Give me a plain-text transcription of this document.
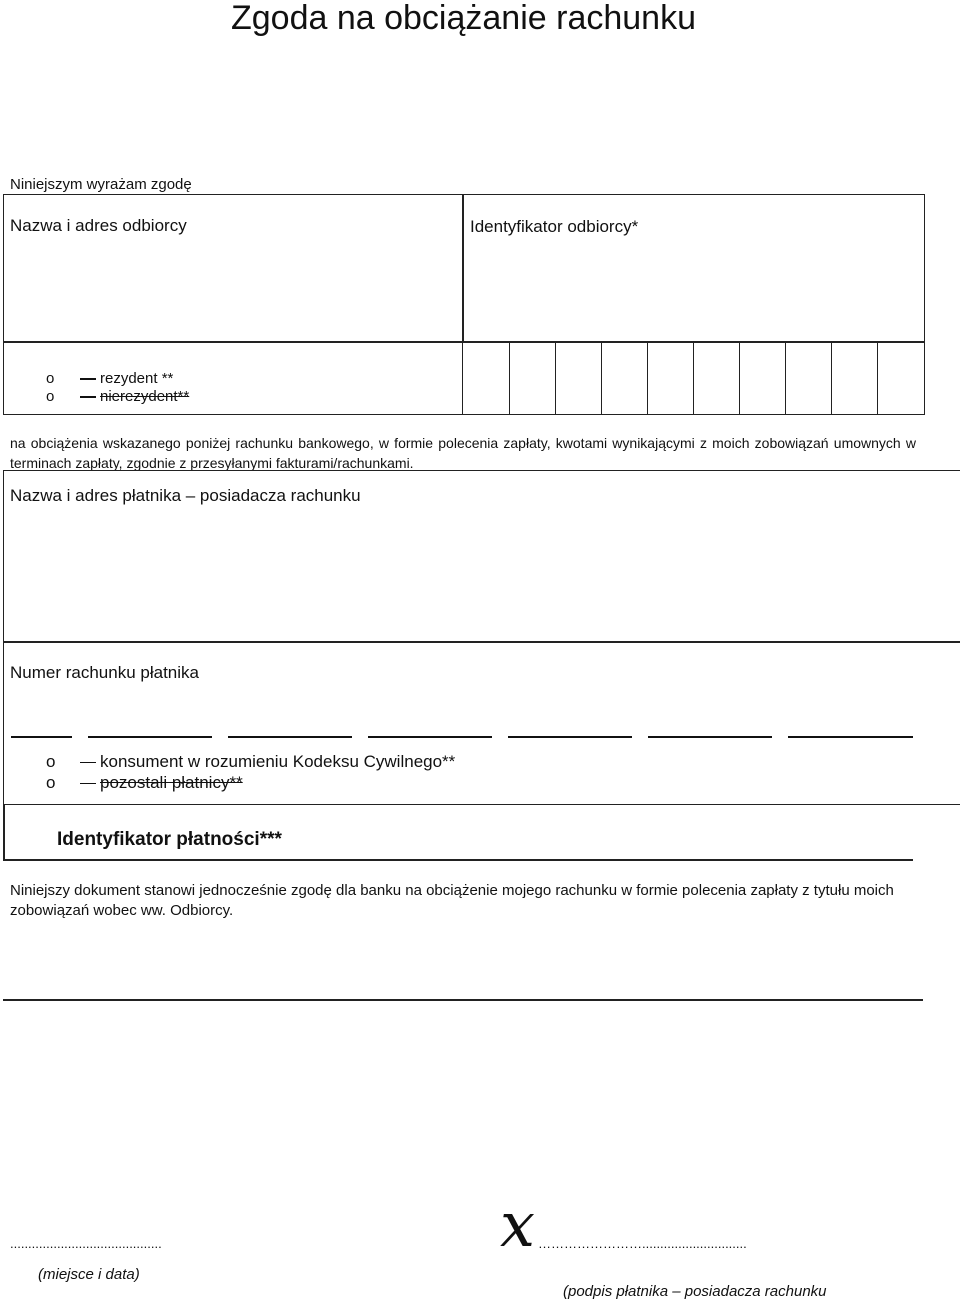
Zgoda na obciążanie rachunku
Niniejszym wyrażam zgodę
Nazwa i adres odbiorcy	Identyfikator odbiorcy*
o	rezydent **
o	nierezydent**
na obciążenia wskazanego poniżej rachunku bankowego, w formie polecenia zapłaty, kwotami wynikającymi z moich zobowiązań umownych w terminach zapłaty, zgodnie z przesyłanymi fakturami/rachunkami.
Nazwa i adres płatnika – posiadacza rachunku
Numer rachunku płatnika
o	konsument w rozumieniu Kodeksu Cywilnego**
o	pozostali płatnicy**
Identyfikator płatności***
Niniejszy dokument stanowi jednocześnie zgodę dla banku na obciążenie mojego rachunku w formie polecenia zapłaty z tytułu moich zobowiązań wobec ww. Odbiorcy.
..........................................
(miejsce i data)
x …………………….............................
(podpis płatnika – posiadacza rachunku
